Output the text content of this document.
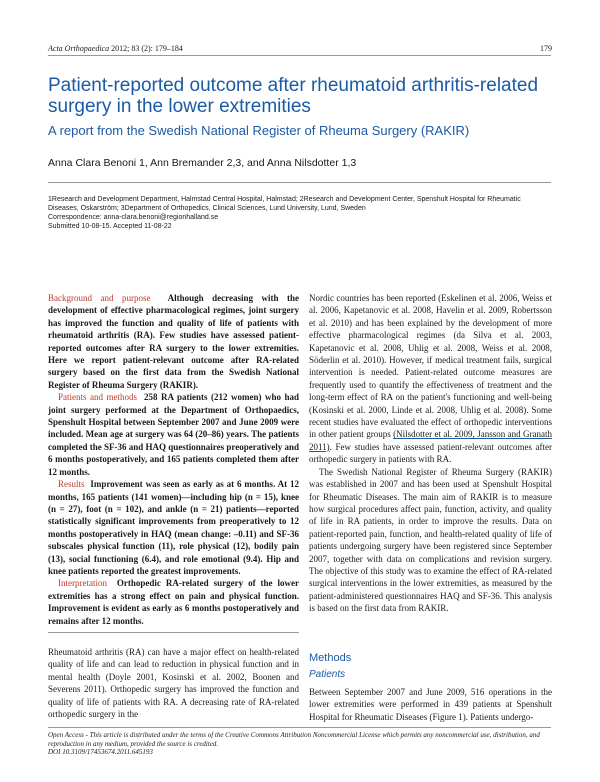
Acta Orthopaedica 2012; 83 (2): 179–184	179
Patient-reported outcome after rheumatoid arthritis-related surgery in the lower extremities
A report from the Swedish National Register of Rheuma Surgery (RAKIR)
Anna Clara Benoni 1, Ann Bremander 2,3, and Anna Nilsdotter 1,3
1Research and Development Department, Halmstad Central Hospital, Halmstad; 2Research and Development Center, Spenshult Hospital for Rheumatic Diseases, Oskarström; 3Department of Orthopedics, Clinical Sciences, Lund University, Lund, Sweden
Correspondence: anna-clara.benoni@regionhalland.se
Submitted 10-08-15. Accepted 11-08-22

Background and purpose Although decreasing with the development of effective pharmacological regimes, joint surgery has improved the function and quality of life of patients with rheumatoid arthritis (RA). Few studies have assessed patient-reported outcomes after RA surgery to the lower extremities. Here we report patient-relevant outcome after RA-related surgery based on the first data from the Swedish National Register of Rheuma Surgery (RAKIR).

Patients and methods 258 RA patients (212 women) who had joint surgery performed at the Department of Orthopaedics, Spenshult Hospital between September 2007 and June 2009 were included. Mean age at surgery was 64 (20–86) years. The patients completed the SF-36 and HAQ questionnaires preoperatively and 6 months postoperatively, and 165 patients completed them after 12 months.

Results Improvement was seen as early as at 6 months. At 12 months, 165 patients (141 women)—including hip (n = 15), knee (n = 27), foot (n = 102), and ankle (n = 21) patients—reported statistically significant improvements from preoperatively to 12 months postoperatively in HAQ (mean change: –0.11) and SF-36 subscales physical function (11), role physical (12), bodily pain (13), social functioning (6.4), and role emotional (9.4). Hip and knee patients reported the greatest improvements.

Interpretation Orthopedic RA-related surgery of the lower extremities has a strong effect on pain and physical function. Improvement is evident as early as 6 months postoperatively and remains after 12 months.

Rheumatoid arthritis (RA) can have a major effect on health-related quality of life and can lead to reduction in physical function and in mental health (Doyle 2001, Kosinski et al. 2002, Boonen and Severens 2011). Orthopedic surgery has improved the function and quality of life of patients with RA. A decreasing rate of RA-related orthopedic surgery in the

Nordic countries has been reported (Eskelinen et al. 2006, Weiss et al. 2006, Kapetanovic et al. 2008, Havelin et al. 2009, Robertsson et al. 2010) and has been explained by the development of more effective pharmacological regimes (da Silva et al. 2003, Kapetanovic et al. 2008, Uhlig et al. 2008, Weiss et al. 2008, Söderlin et al. 2010). However, if medical treatment fails, surgical intervention is needed. Patient-related outcome measures are frequently used to quantify the effectiveness of treatment and the long-term effect of RA on the patient's functioning and well-being (Kosinski et al. 2000, Linde et al. 2008, Uhlig et al. 2008). Some recent studies have evaluated the effect of orthopedic interventions in other patient groups (Nilsdotter et al. 2009, Jansson and Granath 2011). Few studies have assessed patient-relevant outcomes after orthopedic surgery in patients with RA.

The Swedish National Register of Rheuma Surgery (RAKIR) was established in 2007 and has been used at Spenshult Hospital for Rheumatic Diseases. The main aim of RAKIR is to measure how surgical procedures affect pain, function, activity, and quality of life in RA patients, in order to improve the results. Data on patient-reported pain, function, and health-related quality of life of patients undergoing surgery have been registered since September 2007, together with data on complications and revision surgery. The objective of this study was to examine the effect of RA-related surgical interventions in the lower extremities, as measured by the patient-administered questionnaires HAQ and SF-36. This analysis is based on the first data from RAKIR.

Methods
Patients
Between September 2007 and June 2009, 516 operations in the lower extremities were performed in 439 patients at Spenshult Hospital for Rheumatic Diseases (Figure 1). Patients undergo-
Open Access - This article is distributed under the terms of the Creative Commons Attribution Noncommercial License which permits any noncommercial use, distribution, and reproduction in any medium, provided the source is credited.
DOI 10.3109/17453674.2011.645193
